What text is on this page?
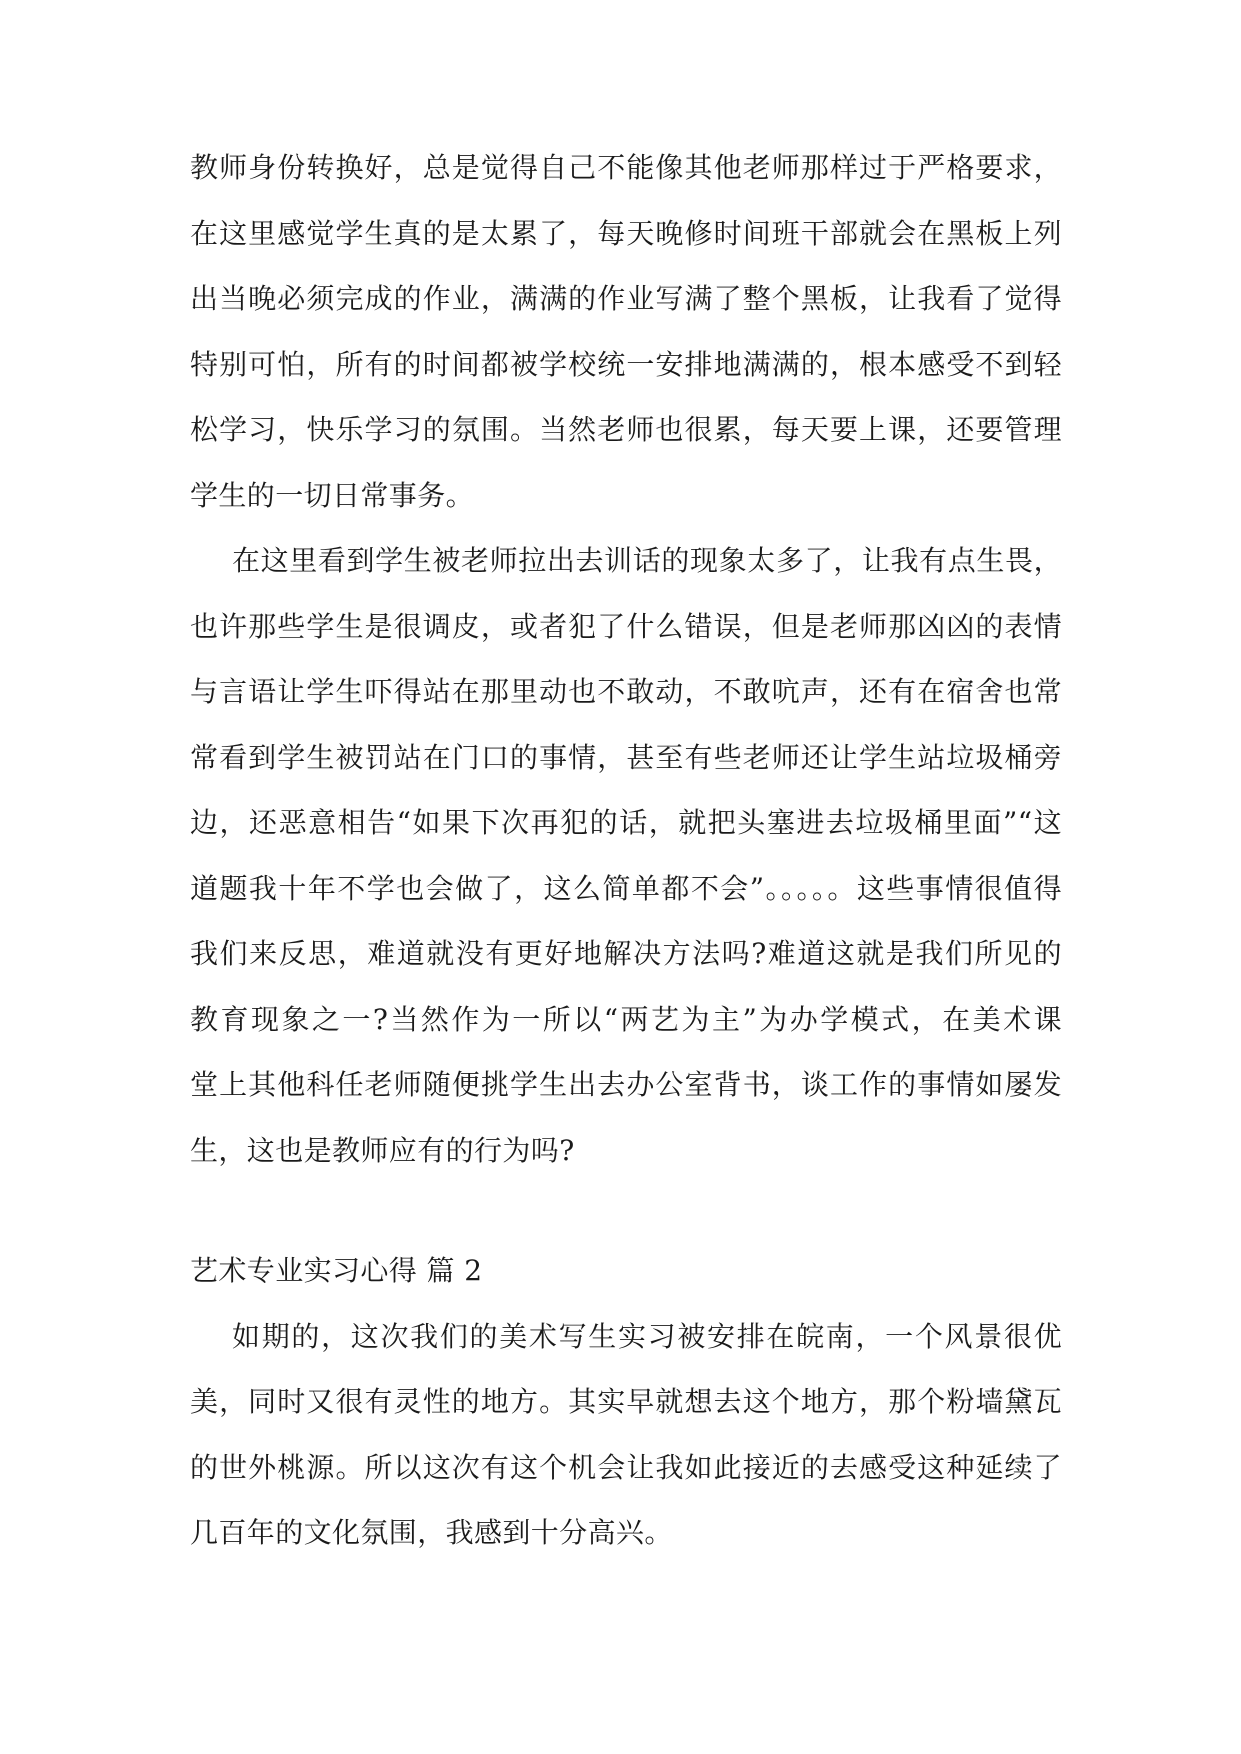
教师身份转换好，总是觉得自己不能像其他老师那样过于严格要求，
在这里感觉学生真的是太累了，每天晚修时间班干部就会在黑板上列
出当晚必须完成的作业，满满的作业写满了整个黑板，让我看了觉得
特别可怕，所有的时间都被学校统一安排地满满的，根本感受不到轻
松学习，快乐学习的氛围。当然老师也很累，每天要上课，还要管理
学生的一切日常事务。
在这里看到学生被老师拉出去训话的现象太多了，让我有点生畏，
也许那些学生是很调皮，或者犯了什么错误，但是老师那凶凶的表情
与言语让学生吓得站在那里动也不敢动，不敢吭声，还有在宿舍也常
常看到学生被罚站在门口的事情，甚至有些老师还让学生站垃圾桶旁
边，还恶意相告“如果下次再犯的话，就把头塞进去垃圾桶里面”“这
道题我十年不学也会做了，这么简单都不会”。。。。。这些事情很值得
我们来反思，难道就没有更好地解决方法吗?难道这就是我们所见的
教育现象之一?当然作为一所以“两艺为主”为办学模式，在美术课
堂上其他科任老师随便挑学生出去办公室背书，谈工作的事情如屡发
生，这也是教师应有的行为吗?
艺术专业实习心得 篇 2
如期的，这次我们的美术写生实习被安排在皖南，一个风景很优
美，同时又很有灵性的地方。其实早就想去这个地方，那个粉墙黛瓦
的世外桃源。所以这次有这个机会让我如此接近的去感受这种延续了
几百年的文化氛围，我感到十分高兴。
